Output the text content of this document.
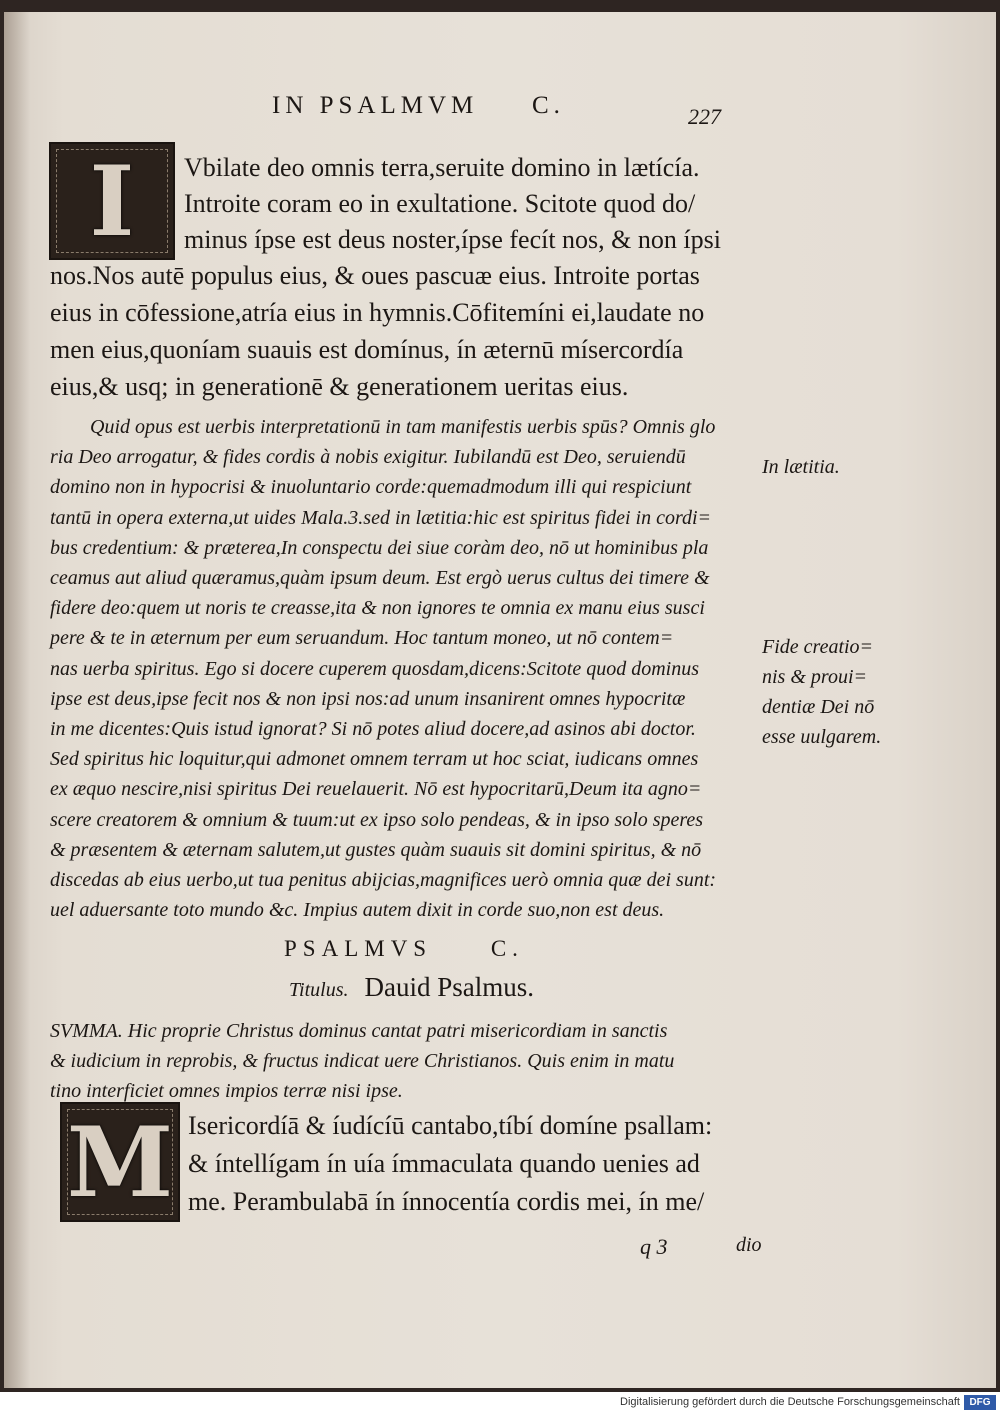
IN PSALMVM C.	227
I Vbilate deo omnis terra,seruite domino in lætícía.
Introite coram eo in exultatione. Scitote quod do/
minus ípse est deus noster,ípse fecít nos, & non ípsi
nos.Nos autē populus eius, & oues pascuæ eius. Introite portas
eius in cōfessione,atría eius in hymnis.Cōfitemíni ei,laudate no
men eius,quoníam suauis est domínus, ín æternū mísercordía
eius,& usq; in generationē & generationem ueritas eius.
Quid opus est uerbis interpretationū in tam manifestis uerbis spūs? Omnis glo
ria Deo arrogatur, & fides cordis à nobis exigitur. Iubilandū est Deo, seruiendū
domino non in hypocrisi & inuoluntario corde:quemadmodum illi qui respiciunt
tantū in opera externa,ut uides Mala.3.sed in lætitia:hic est spiritus fidei in cordi=
bus credentium: & præterea,In conspectu dei siue coràm deo, nō ut hominibus pla
ceamus aut aliud quæramus,quàm ipsum deum. Est ergò uerus cultus dei timere &
fidere deo:quem ut noris te creasse,ita & non ignores te omnia ex manu eius susci
pere & te in æternum per eum seruandum. Hoc tantum moneo, ut nō contem=
nas uerba spiritus. Ego si docere cuperem quosdam,dicens:Scitote quod dominus
ipse est deus,ipse fecit nos & non ipsi nos:ad unum insanirent omnes hypocritæ
in me dicentes:Quis istud ignorat? Si nō potes aliud docere,ad asinos abi doctor.
Sed spiritus hic loquitur,qui admonet omnem terram ut hoc sciat, iudicans omnes
ex æquo nescire,nisi spiritus Dei reuelauerit. Nō est hypocritarū,Deum ita agno=
scere creatorem & omnium & tuum:ut ex ipso solo pendeas, & in ipso solo speres
& præsentem & æternam salutem,ut gustes quàm suauis sit domini spiritus, & nō
discedas ab eius uerbo,ut tua penitus abijcias,magnifices uerò omnia quæ dei sunt:
uel aduersante toto mundo &c. Impius autem dixit in corde suo,non est deus.
In lætitia.
Fide creatio=
nis & proui=
dentiæ Dei nō
esse uulgarem.
PSALMVS     C.
Titulus. Dauid Psalmus.
SVMMA. Hic proprie Christus dominus cantat patri misericordiam in sanctis
& iudicium in reprobis, & fructus indicat uere Christianos. Quis enim in matu
tino interficiet omnes impios terræ nisi ipse.
M Isericordíā & íudícíū cantabo,tíbí domíne psallam:
& íntellígam ín uía ímmaculata quando uenies ad
me. Perambulabā ín ínnocentía cordis mei, ín me/
q 3	dio
Digitalisierung gefördert durch die Deutsche Forschungsgemeinschaft DFG
